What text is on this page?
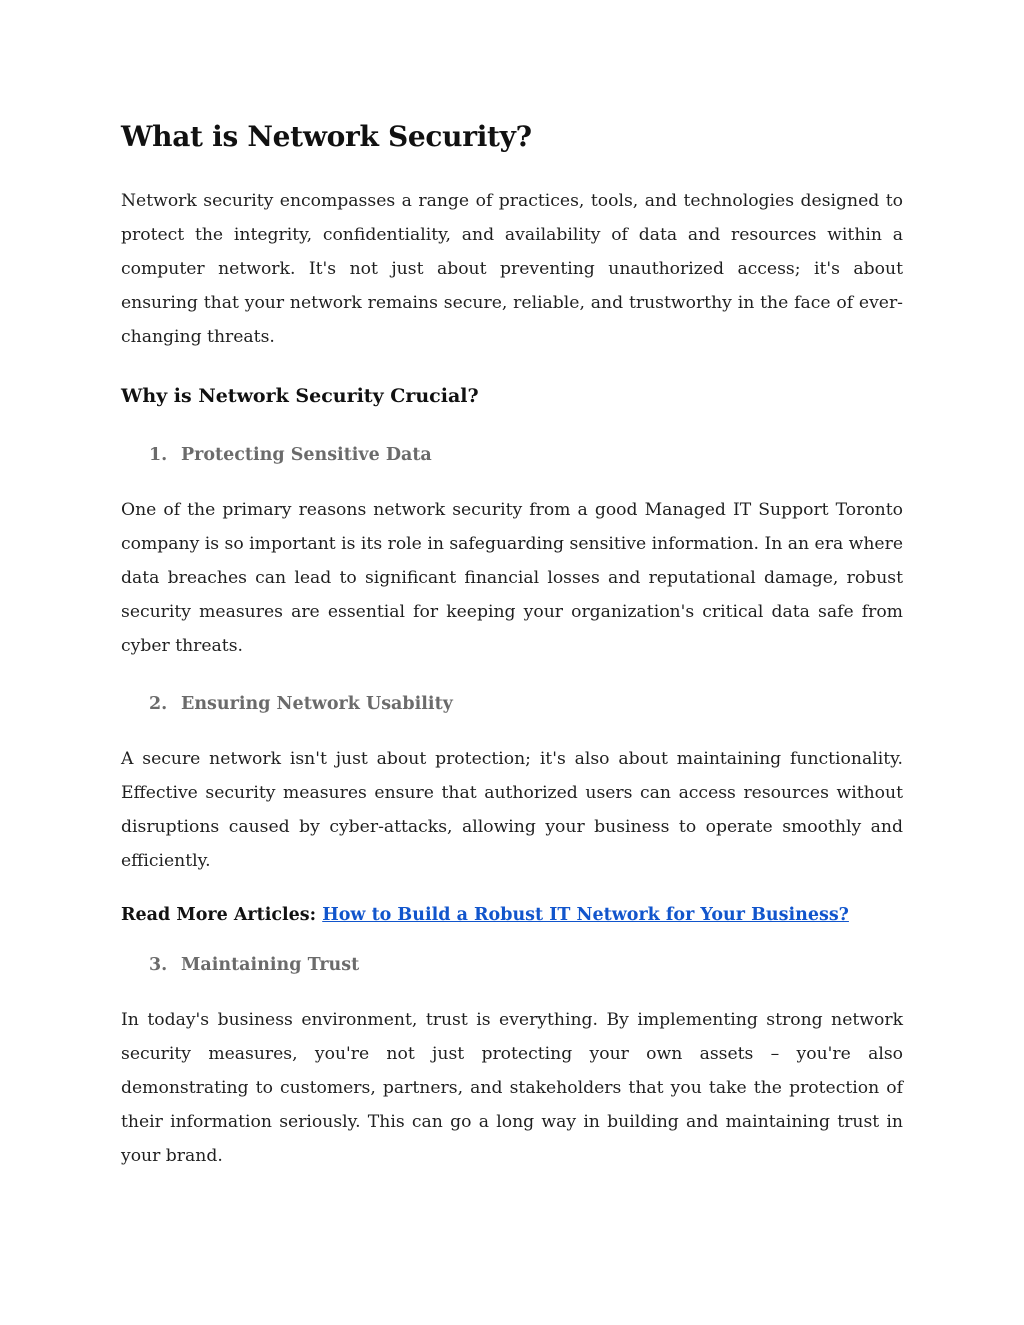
What is Network Security?

Network security encompasses a range of practices, tools, and technologies designed to protect the integrity, confidentiality, and availability of data and resources within a computer network. It's not just about preventing unauthorized access; it's about ensuring that your network remains secure, reliable, and trustworthy in the face of ever-changing threats.

Why is Network Security Crucial?
1. Protecting Sensitive Data

One of the primary reasons network security from a good Managed IT Support Toronto company is so important is its role in safeguarding sensitive information. In an era where data breaches can lead to significant financial losses and reputational damage, robust security measures are essential for keeping your organization's critical data safe from cyber threats.

2. Ensuring Network Usability

A secure network isn't just about protection; it's also about maintaining functionality. Effective security measures ensure that authorized users can access resources without disruptions caused by cyber-attacks, allowing your business to operate smoothly and efficiently.

Read More Articles: How to Build a Robust IT Network for Your Business?
3. Maintaining Trust

In today's business environment, trust is everything. By implementing strong network security measures, you're not just protecting your own assets – you're also demonstrating to customers, partners, and stakeholders that you take the protection of their information seriously. This can go a long way in building and maintaining trust in your brand.
